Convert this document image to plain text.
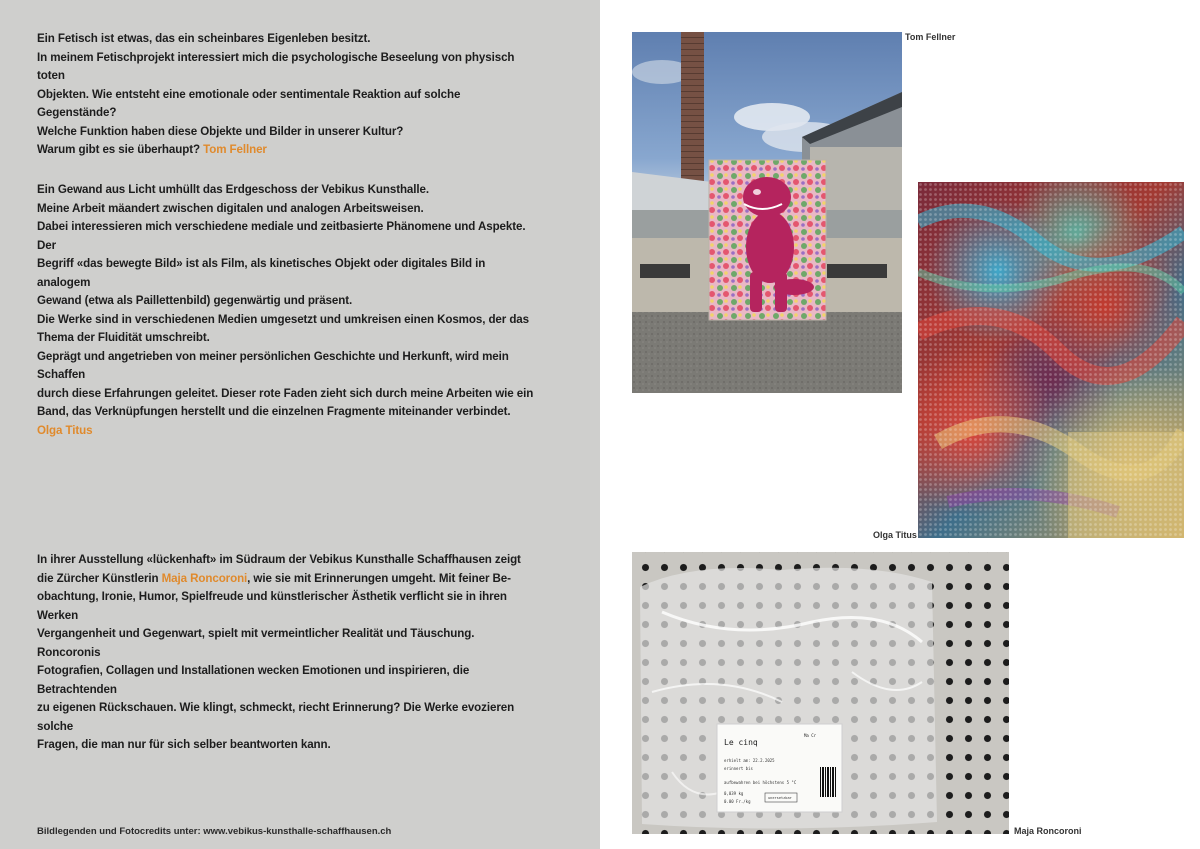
Ein Fetisch ist etwas, das ein scheinbares Eigenleben besitzt.

In meinem Fetischprojekt interessiert mich die psychologische Beseelung von physisch toten

Objekten. Wie entsteht eine emotionale oder sentimentale Reaktion auf solche Gegenstände?

Welche Funktion haben diese Objekte und Bilder in unserer Kultur?

Warum gibt es sie überhaupt? Tom Fellner

Ein Gewand aus Licht umhüllt das Erdgeschoss der Vebikus Kunsthalle.

Meine Arbeit mäandert zwischen digitalen und analogen Arbeitsweisen.

Dabei interessieren mich verschiedene mediale und zeitbasierte Phänomene und Aspekte. Der

Begriff «das bewegte Bild» ist als Film, als kinetisches Objekt oder digitales Bild in analogem

Gewand (etwa als Paillettenbild) gegenwärtig und präsent.

Die Werke sind in verschiedenen Medien umgesetzt und umkreisen einen Kosmos, der das

Thema der Fluidität umschreibt.

Geprägt und angetrieben von meiner persönlichen Geschichte und Herkunft, wird mein Schaffen

durch diese Erfahrungen geleitet. Dieser rote Faden zieht sich durch meine Arbeiten wie ein

Band, das Verknüpfungen herstellt und die einzelnen Fragmente miteinander verbindet.

Olga Titus

In ihrer Ausstellung «lückenhaft» im Südraum der Vebikus Kunsthalle Schaffhausen zeigt

die Zürcher Künstlerin Maja Roncoroni, wie sie mit Erinnerungen umgeht. Mit feiner Be-

obachtung, Ironie, Humor, Spielfreude und künstlerischer Ästhetik verflicht sie in ihren Werken

Vergangenheit und Gegenwart, spielt mit vermeintlicher Realität und Täuschung. Roncoronis

Fotografien, Collagen und Installationen wecken Emotionen und inspirieren, die Betrachtenden

zu eigenen Rückschauen. Wie klingt, schmeckt, riecht Erinnerung? Die Werke evozieren solche

Fragen, die man nur für sich selber beantworten kann.

Bildlegenden und Fotocredits unter: www.vebikus-kunsthalle-schaffhausen.ch
Tom Fellner
Olga Titus
Le cinq
Ma Cr
erhielt am: 22.2.2025
erinnert bis
aufbewahren bei höchstens 5 °C
0,039 kg
0.00 Fr./kg
unersetzbar
Maja Roncoroni
